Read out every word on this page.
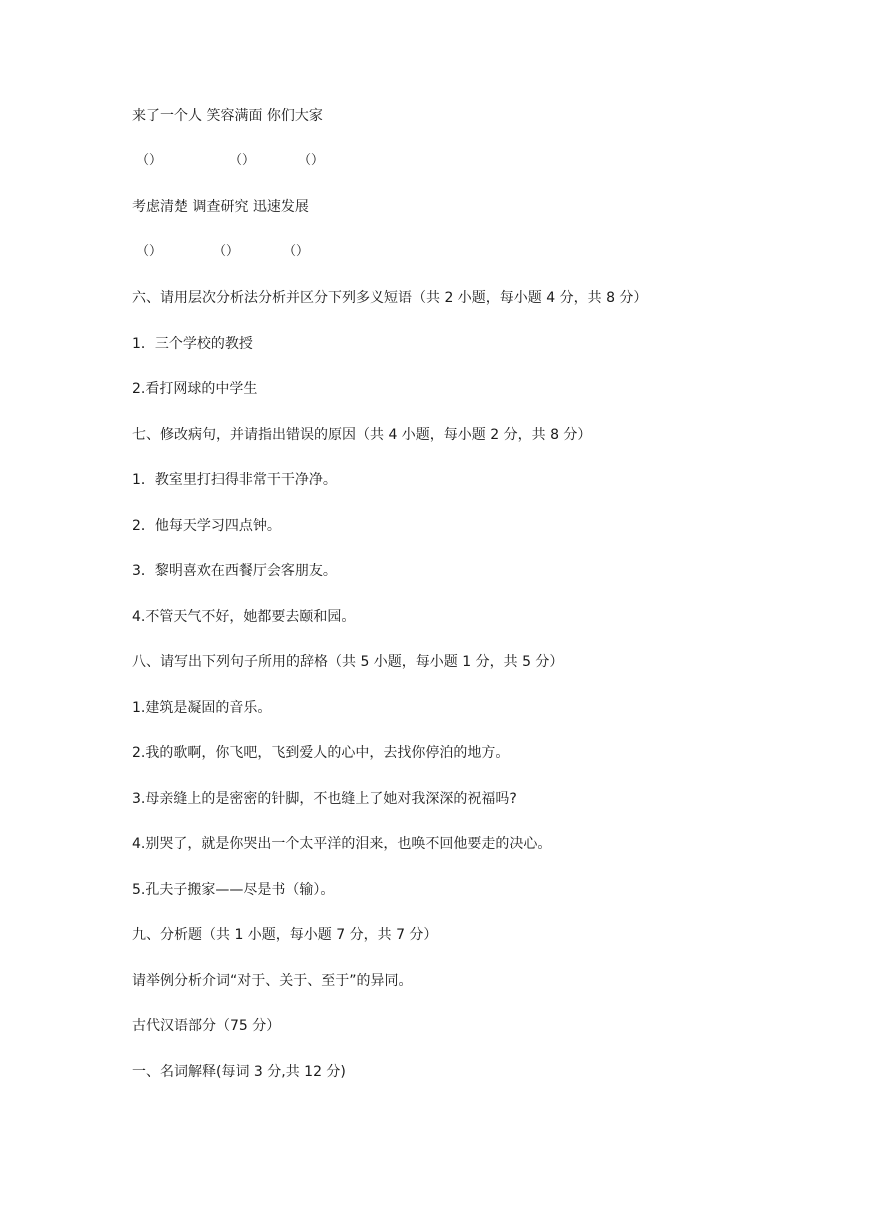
来了一个人 笑容满面 你们大家
（）	（）	（）
考虑清楚 调查研究 迅速发展
（）	（）	（）
六、请用层次分析法分析并区分下列多义短语（共 2 小题，每小题 4 分，共 8 分）
1．三个学校的教授
2.看打网球的中学生
七、修改病句，并请指出错误的原因（共 4 小题，每小题 2 分，共 8 分）
1．教室里打扫得非常干干净净。
2．他每天学习四点钟。
3．黎明喜欢在西餐厅会客朋友。
4.不管天气不好，她都要去颐和园。
八、请写出下列句子所用的辞格（共 5 小题，每小题 1 分，共 5 分）
1.建筑是凝固的音乐。
2.我的歌啊，你飞吧，飞到爱人的心中，去找你停泊的地方。
3.母亲缝上的是密密的针脚，不也缝上了她对我深深的祝福吗?
4.别哭了，就是你哭出一个太平洋的泪来，也唤不回他要走的决心。
5.孔夫子搬家——尽是书（输）。
九、分析题（共 1 小题，每小题 7 分，共 7 分）
请举例分析介词“对于、关于、至于”的异同。
古代汉语部分（75 分）
一、名词解释(每词 3 分,共 12 分)
